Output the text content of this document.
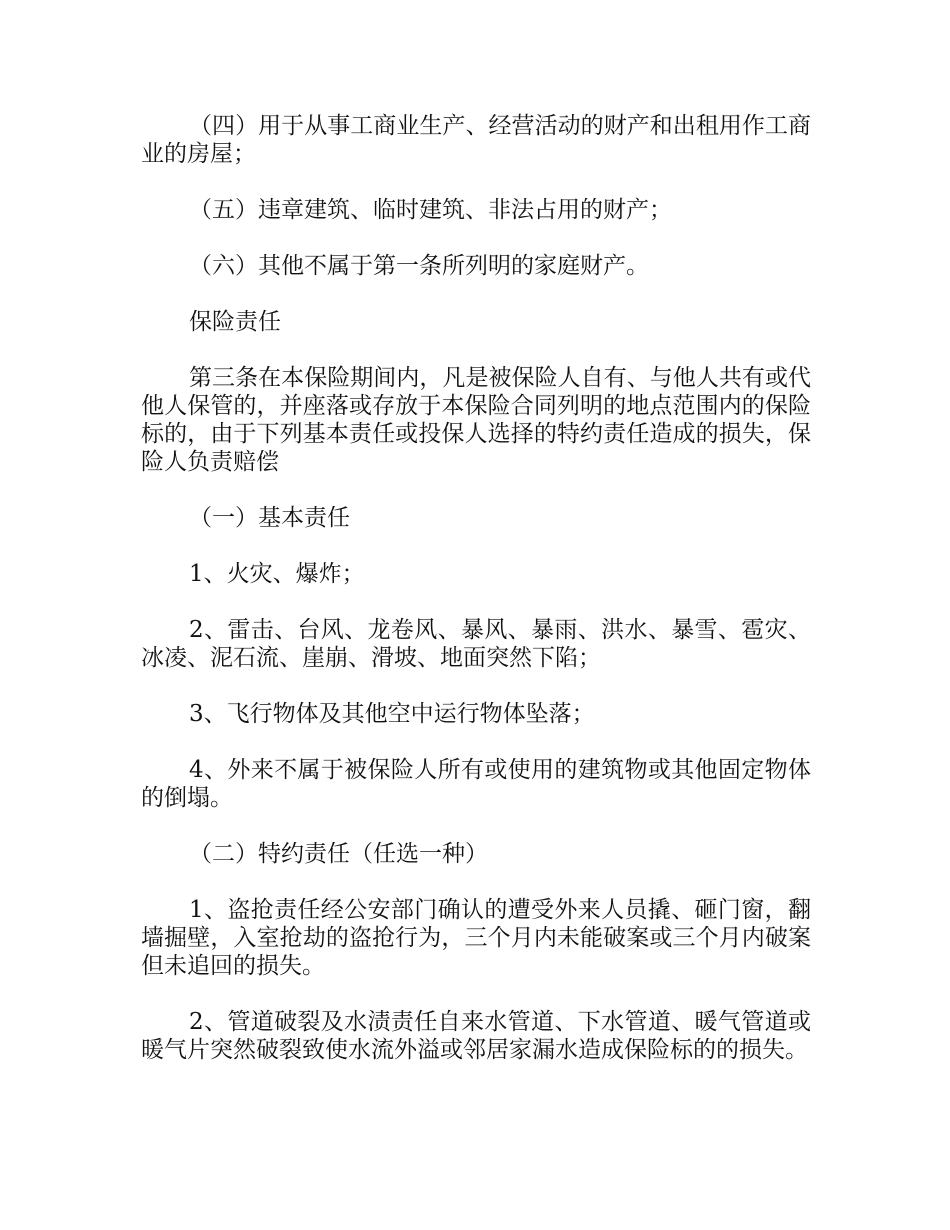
（四）用于从事工商业生产、经营活动的财产和出租用作工商业的房屋；

（五）违章建筑、临时建筑、非法占用的财产；

（六）其他不属于第一条所列明的家庭财产。

保险责任

第三条在本保险期间内，凡是被保险人自有、与他人共有或代他人保管的，并座落或存放于本保险合同列明的地点范围内的保险标的，由于下列基本责任或投保人选择的特约责任造成的损失，保险人负责赔偿

（一）基本责任

1、火灾、爆炸；

2、雷击、台风、龙卷风、暴风、暴雨、洪水、暴雪、雹灾、冰凌、泥石流、崖崩、滑坡、地面突然下陷；

3、飞行物体及其他空中运行物体坠落；

4、外来不属于被保险人所有或使用的建筑物或其他固定物体的倒塌。

（二）特约责任（任选一种）

1、盗抢责任经公安部门确认的遭受外来人员撬、砸门窗，翻墙掘壁，入室抢劫的盗抢行为，三个月内未能破案或三个月内破案但未追回的损失。

2、管道破裂及水渍责任自来水管道、下水管道、暖气管道或暖气片突然破裂致使水流外溢或邻居家漏水造成保险标的的损失。
